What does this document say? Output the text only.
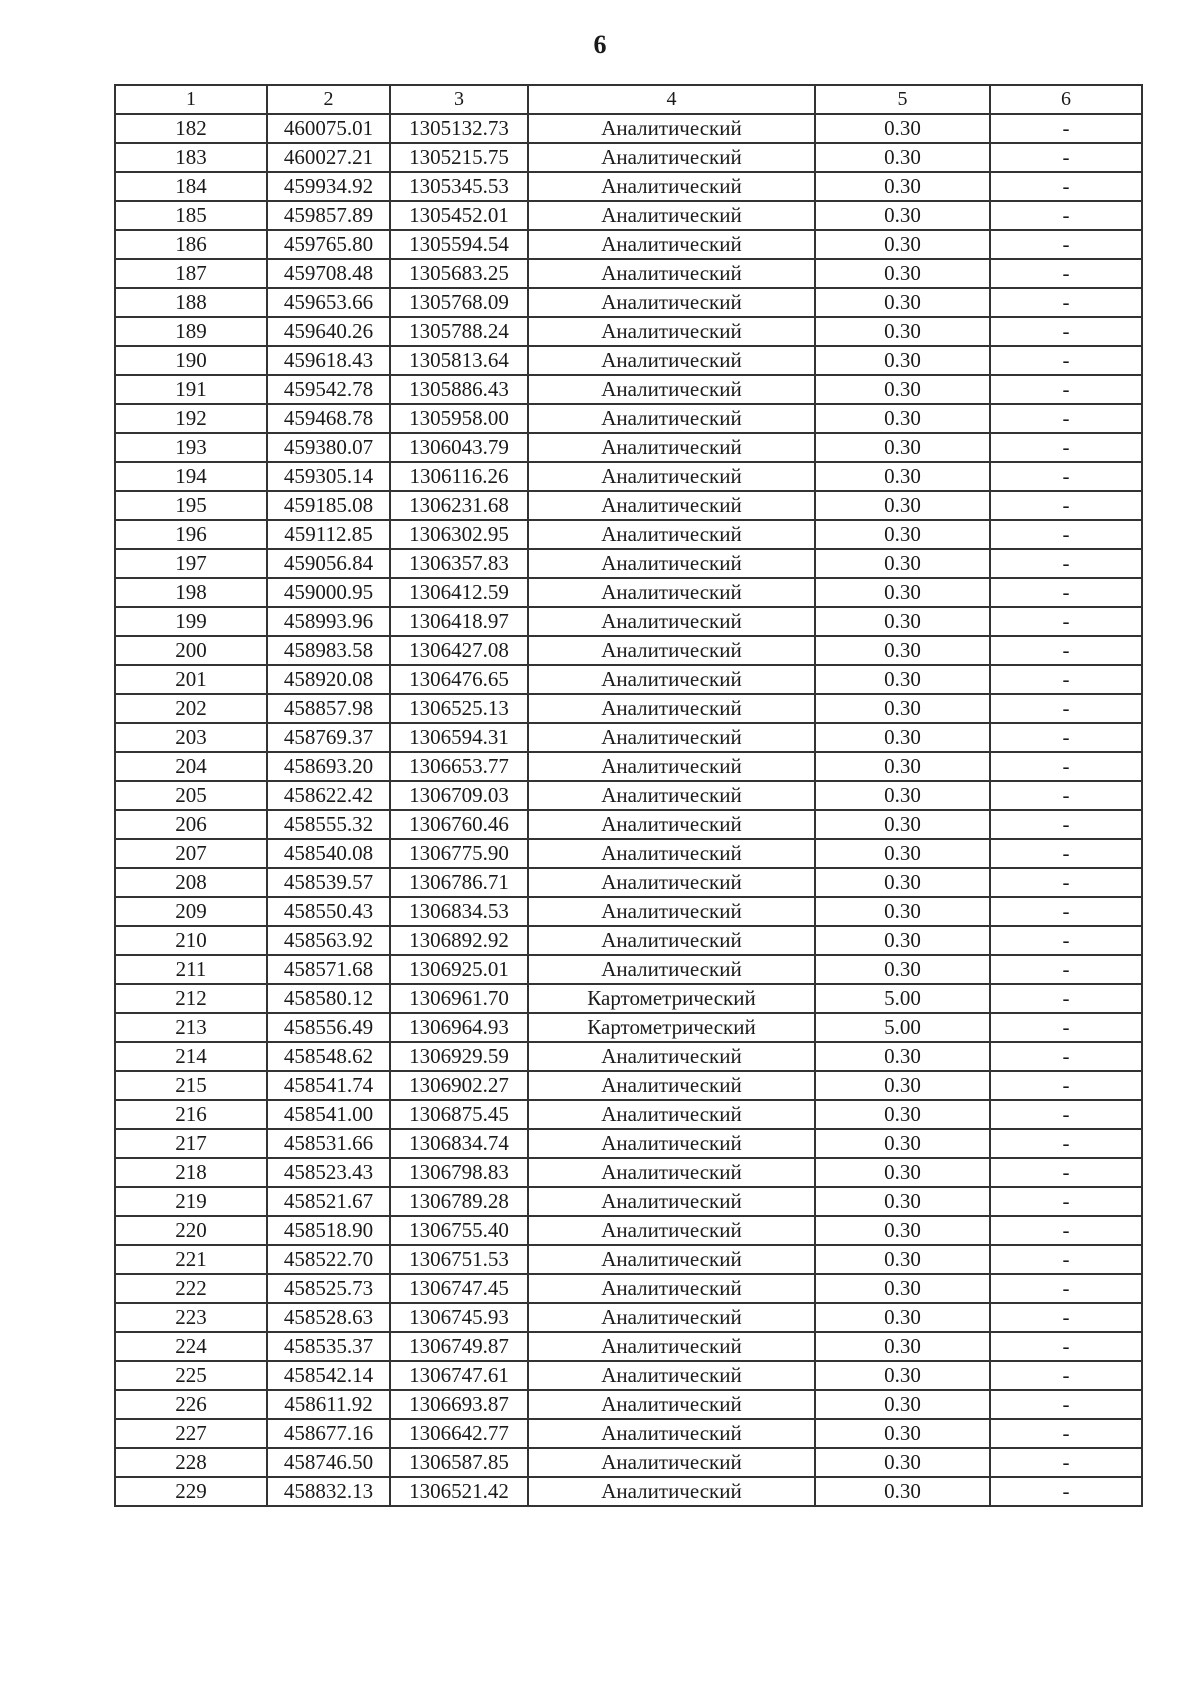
6
1	2	3	4	5	6
182	460075.01	1305132.73	Аналитический	0.30	-
183	460027.21	1305215.75	Аналитический	0.30	-
184	459934.92	1305345.53	Аналитический	0.30	-
185	459857.89	1305452.01	Аналитический	0.30	-
186	459765.80	1305594.54	Аналитический	0.30	-
187	459708.48	1305683.25	Аналитический	0.30	-
188	459653.66	1305768.09	Аналитический	0.30	-
189	459640.26	1305788.24	Аналитический	0.30	-
190	459618.43	1305813.64	Аналитический	0.30	-
191	459542.78	1305886.43	Аналитический	0.30	-
192	459468.78	1305958.00	Аналитический	0.30	-
193	459380.07	1306043.79	Аналитический	0.30	-
194	459305.14	1306116.26	Аналитический	0.30	-
195	459185.08	1306231.68	Аналитический	0.30	-
196	459112.85	1306302.95	Аналитический	0.30	-
197	459056.84	1306357.83	Аналитический	0.30	-
198	459000.95	1306412.59	Аналитический	0.30	-
199	458993.96	1306418.97	Аналитический	0.30	-
200	458983.58	1306427.08	Аналитический	0.30	-
201	458920.08	1306476.65	Аналитический	0.30	-
202	458857.98	1306525.13	Аналитический	0.30	-
203	458769.37	1306594.31	Аналитический	0.30	-
204	458693.20	1306653.77	Аналитический	0.30	-
205	458622.42	1306709.03	Аналитический	0.30	-
206	458555.32	1306760.46	Аналитический	0.30	-
207	458540.08	1306775.90	Аналитический	0.30	-
208	458539.57	1306786.71	Аналитический	0.30	-
209	458550.43	1306834.53	Аналитический	0.30	-
210	458563.92	1306892.92	Аналитический	0.30	-
211	458571.68	1306925.01	Аналитический	0.30	-
212	458580.12	1306961.70	Картометрический	5.00	-
213	458556.49	1306964.93	Картометрический	5.00	-
214	458548.62	1306929.59	Аналитический	0.30	-
215	458541.74	1306902.27	Аналитический	0.30	-
216	458541.00	1306875.45	Аналитический	0.30	-
217	458531.66	1306834.74	Аналитический	0.30	-
218	458523.43	1306798.83	Аналитический	0.30	-
219	458521.67	1306789.28	Аналитический	0.30	-
220	458518.90	1306755.40	Аналитический	0.30	-
221	458522.70	1306751.53	Аналитический	0.30	-
222	458525.73	1306747.45	Аналитический	0.30	-
223	458528.63	1306745.93	Аналитический	0.30	-
224	458535.37	1306749.87	Аналитический	0.30	-
225	458542.14	1306747.61	Аналитический	0.30	-
226	458611.92	1306693.87	Аналитический	0.30	-
227	458677.16	1306642.77	Аналитический	0.30	-
228	458746.50	1306587.85	Аналитический	0.30	-
229	458832.13	1306521.42	Аналитический	0.30	-
